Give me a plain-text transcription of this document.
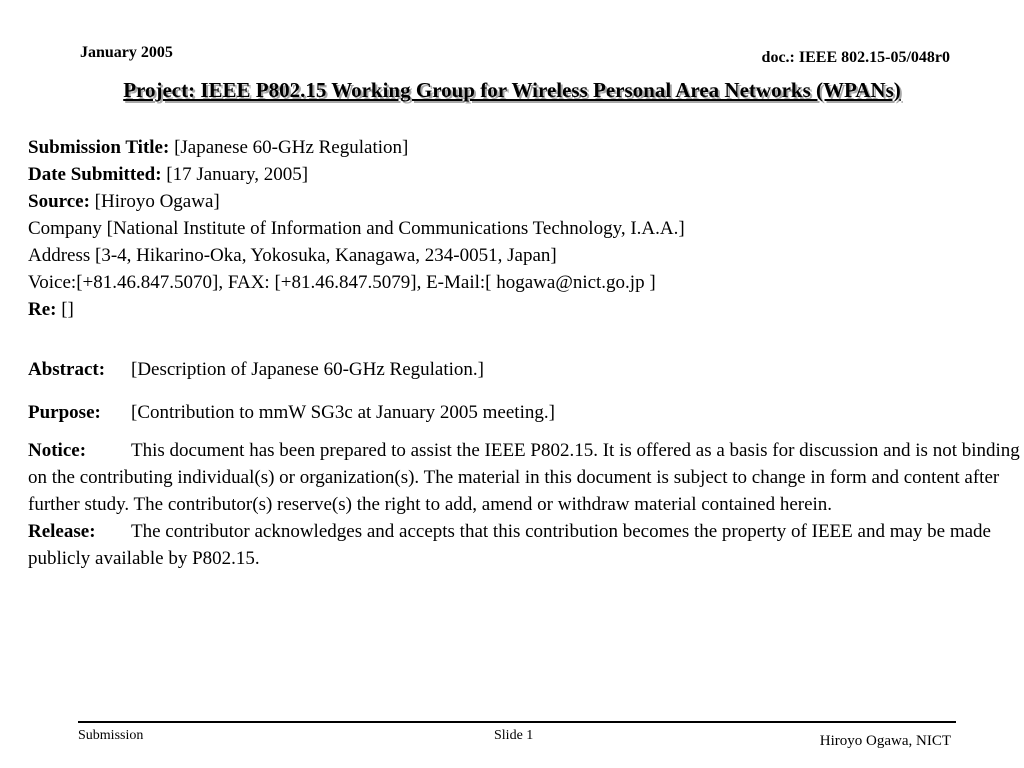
January 2005	doc.: IEEE 802.15-05/048r0
Project: IEEE P802.15 Working Group for Wireless Personal Area Networks (WPANs)
Submission Title: [Japanese 60-GHz Regulation]
Date Submitted: [17 January, 2005]
Source: [Hiroyo Ogawa]
Company [National Institute of Information and Communications Technology, I.A.A.]
Address [3-4, Hikarino-Oka, Yokosuka, Kanagawa, 234-0051, Japan]
Voice:[+81.46.847.5070], FAX: [+81.46.847.5079], E-Mail:[ hogawa@nict.go.jp ]
Re: []
Abstract: [Description of Japanese 60-GHz Regulation.]
Purpose: [Contribution to mmW SG3c at January 2005 meeting.]

Notice: This document has been prepared to assist the IEEE P802.15. It is offered as a basis for discussion and is not binding on the contributing individual(s) or organization(s). The material in this document is subject to change in form and content after further study. The contributor(s) reserve(s) the right to add, amend or withdraw material contained herein.

Release: The contributor acknowledges and accepts that this contribution becomes the property of IEEE and may be made publicly available by P802.15.

Submission	Slide 1	Hiroyo Ogawa, NICT
